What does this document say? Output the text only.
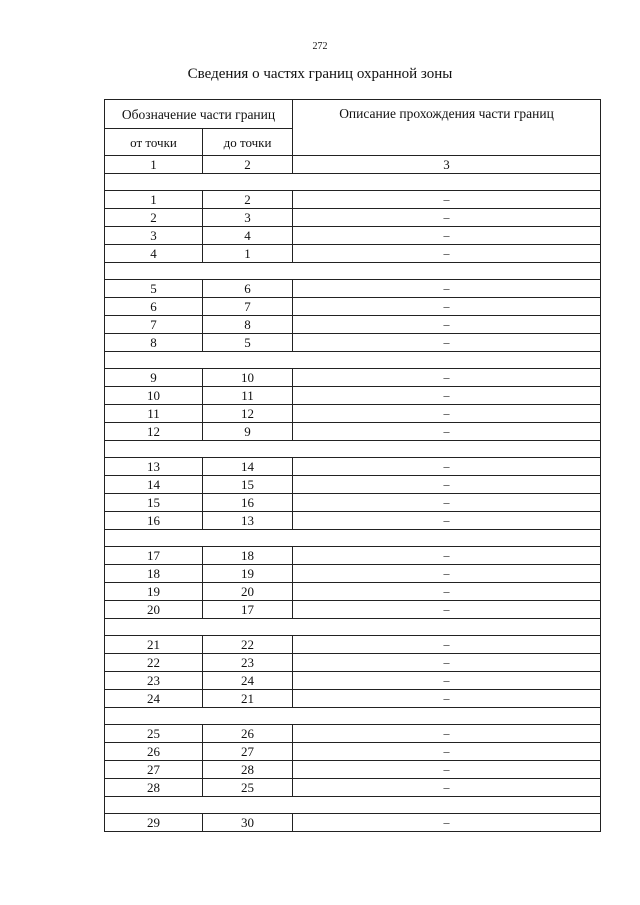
272
Сведения о частях границ охранной зоны
Обозначение части границ		Описание прохождения части границ
от точки	до точки	
1	2	3

1	2	–
2	3	–
3	4	–
4	1	–

5	6	–
6	7	–
7	8	–
8	5	–

9	10	–
10	11	–
11	12	–
12	9	–

13	14	–
14	15	–
15	16	–
16	13	–

17	18	–
18	19	–
19	20	–
20	17	–

21	22	–
22	23	–
23	24	–
24	21	–

25	26	–
26	27	–
27	28	–
28	25	–

29	30	–
